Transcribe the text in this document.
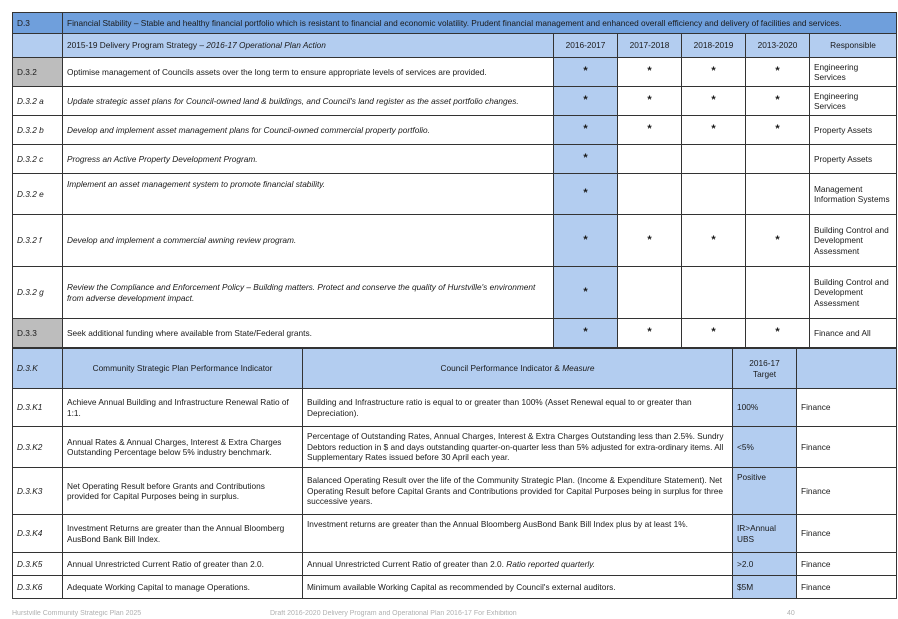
D.3	Financial Stability – Stable and healthy financial portfolio which is resistant to financial and economic volatility. Prudent financial management and enhanced overall efficiency and delivery of facilities and services.					
	2015-19 Delivery Program Strategy – 2016-17 Operational Plan Action	2016-2017	2017-2018	2018-2019	2013-2020	Responsible
D.3.2	Optimise management of Councils assets over the long term to ensure appropriate levels of services are provided.	*	*	*	*	Engineering Services
D.3.2 a	Update strategic asset plans for Council-owned land & buildings, and Council's land register as the asset portfolio changes.	*	*	*	*	Engineering Services
D.3.2 b	Develop and implement asset management plans for Council-owned commercial property portfolio.	*	*	*	*	Property Assets
D.3.2 c	Progress an Active Property Development Program.	*				Property Assets
D.3.2 e	Implement an asset management system to promote financial stability.	*				Management Information Systems
D.3.2 f	Develop and implement a commercial awning review program.	*	*	*	*	Building Control and Development Assessment
D.3.2 g	Review the Compliance and Enforcement Policy – Building matters. Protect and conserve the quality of Hurstville's environment from adverse development impact.	*				Building Control and Development Assessment
D.3.3	Seek additional funding where available from State/Federal grants.	*	*	*	*	Finance and All
D.3.K	Community Strategic Plan Performance Indicator	Council Performance Indicator & Measure	2016-17 Target	
D.3.K1	Achieve Annual Building and Infrastructure Renewal Ratio of 1:1.	Building and Infrastructure ratio is equal to or greater than 100% (Asset Renewal equal to or greater than Depreciation).	100%	Finance
D.3.K2	Annual Rates & Annual Charges, Interest & Extra Charges Outstanding Percentage below 5% industry benchmark.	Percentage of Outstanding Rates, Annual Charges, Interest & Extra Charges Outstanding less than 2.5%. Sundry Debtors reduction in $ and days outstanding quarter-on-quarter less than 5% adjusted for extra-ordinary items. All Supplementary Rates issued before 30 April each year.	<5%	Finance
D.3.K3	Net Operating Result before Grants and Contributions provided for Capital Purposes being in surplus.	Balanced Operating Result over the life of the Community Strategic Plan. (Income & Expenditure Statement). Net Operating Result before Capital Grants and Contributions provided for Capital Purposes being in surplus for three successive years.	Positive	Finance
D.3.K4	Investment Returns are greater than the Annual Bloomberg AusBond Bank Bill Index.	Investment returns are greater than the Annual Bloomberg AusBond Bank Bill Index plus by at least 1%.	IR>Annual UBS	Finance
D.3.K5	Annual Unrestricted Current Ratio of greater than 2.0.	Annual Unrestricted Current Ratio of greater than 2.0. Ratio reported quarterly.	>2.0	Finance
D.3.K6	Adequate Working Capital to manage Operations.	Minimum available Working Capital as recommended by Council's external auditors.	$5M	Finance
Hurstville Community Strategic Plan 2025	Draft 2016-2020 Delivery Program and Operational Plan 2016-17 For Exhibition	40
